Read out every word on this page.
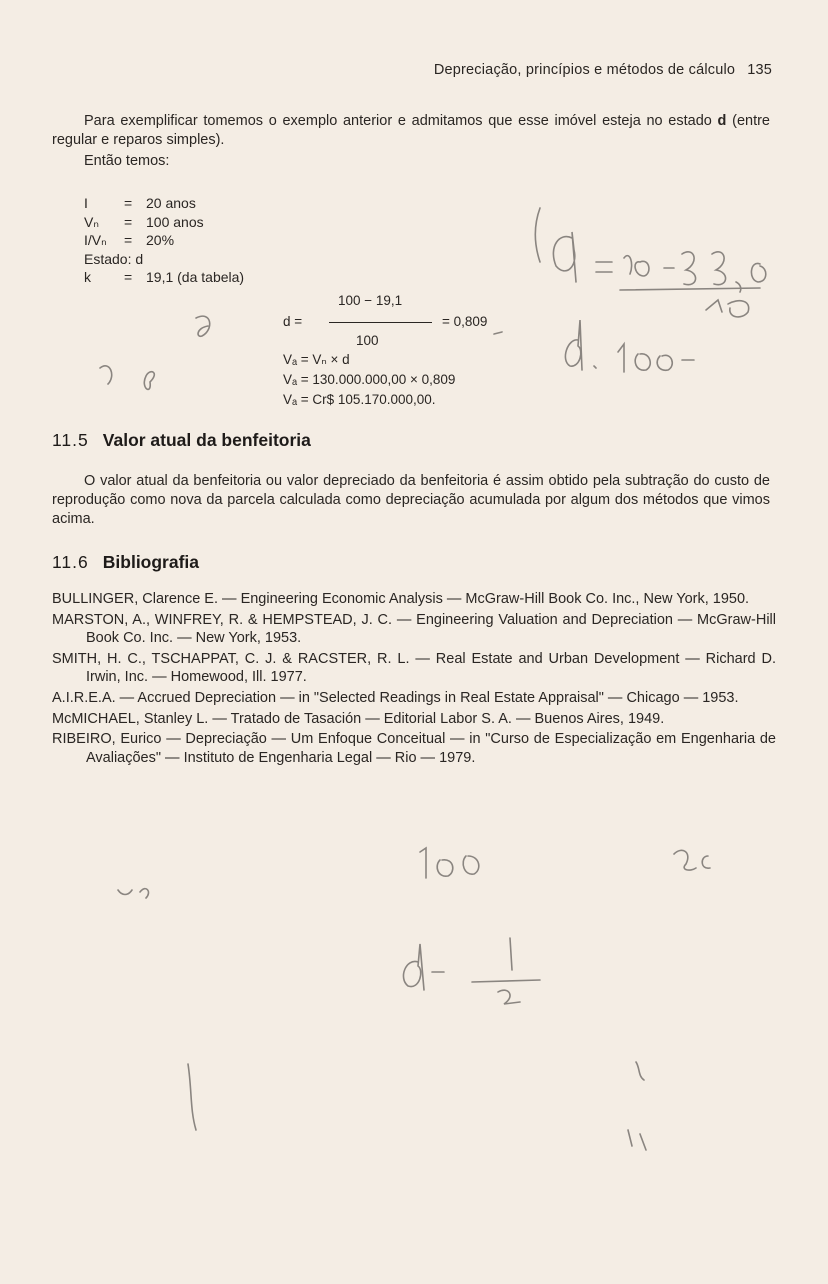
Depreciação, princípios e métodos de cálculo 135
Para exemplificar tomemos o exemplo anterior e admitamos que esse imóvel esteja no estado d (entre regular e reparos simples).
Então temos:
I	= 20 anos
Vₙ	= 100 anos
I/Vₙ	= 20%
Estado: d
k	= 19,1 (da tabela)
100 − 19,1
d =	= 0,809
100
Vₐ = Vₙ × d
Vₐ = 130.000.000,00 × 0,809
Vₐ = Cr$ 105.170.000,00.
11.5 Valor atual da benfeitoria
O valor atual da benfeitoria ou valor depreciado da benfeitoria é assim obtido pela subtração do custo de reprodução como nova da parcela calculada como depreciação acumulada por algum dos métodos que vimos acima.
11.6 Bibliografia
BULLINGER, Clarence E. — Engineering Economic Analysis — McGraw-Hill Book Co. Inc., New York, 1950.
MARSTON, A., WINFREY, R. & HEMPSTEAD, J. C. — Engineering Valuation and Depreciation — McGraw-Hill Book Co. Inc. — New York, 1953.
SMITH, H. C., TSCHAPPAT, C. J. & RACSTER, R. L. — Real Estate and Urban Development — Richard D. Irwin, Inc. — Homewood, Ill. 1977.
A.I.R.E.A. — Accrued Depreciation — in "Selected Readings in Real Estate Appraisal" — Chicago — 1953.
McMICHAEL, Stanley L. — Tratado de Tasación — Editorial Labor S. A. — Buenos Aires, 1949.
RIBEIRO, Eurico — Depreciação — Um Enfoque Conceitual — in "Curso de Especialização em Engenharia de Avaliações" — Instituto de Engenharia Legal — Rio — 1979.
